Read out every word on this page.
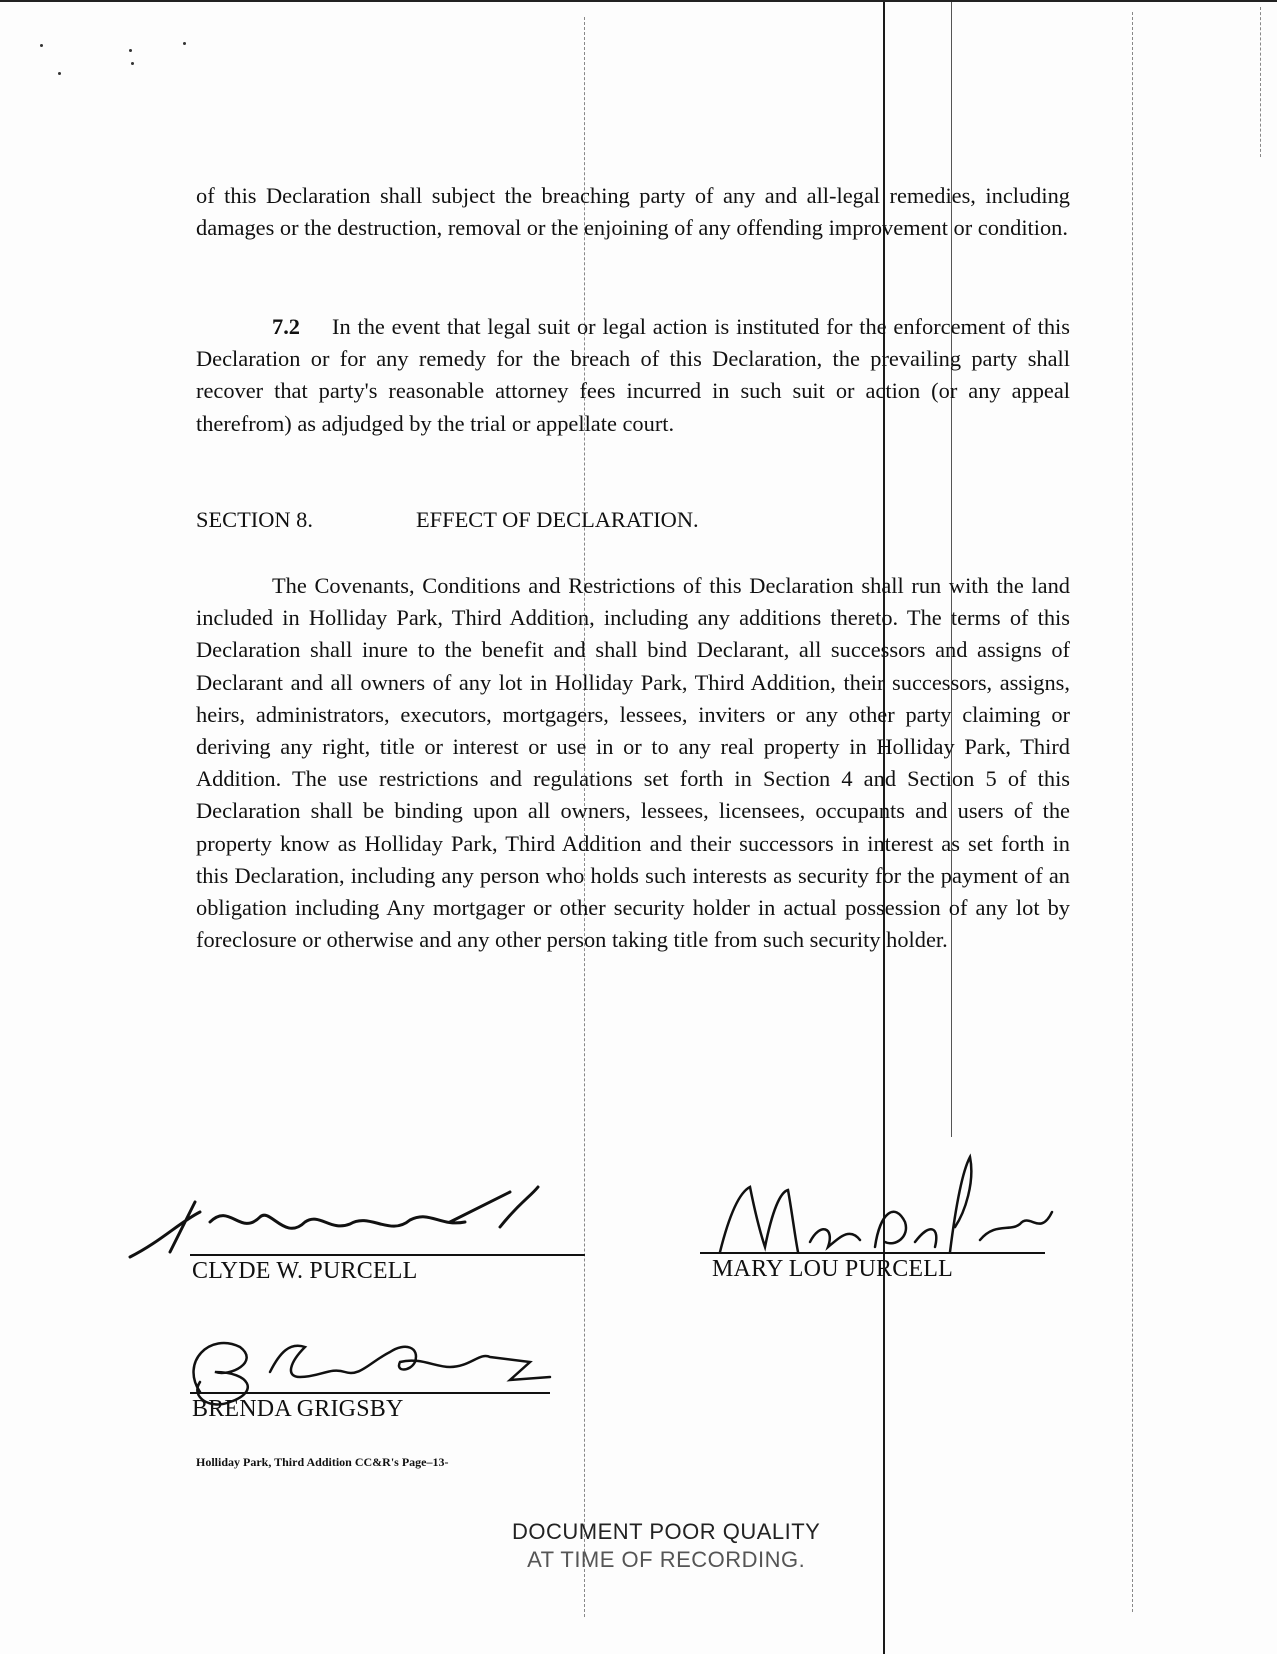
of this Declaration shall subject the breaching party of any and all-legal remedies, including damages or the destruction, removal or the enjoining of any offending improvement or condition.

7.2 In the event that legal suit or legal action is instituted for the enforcement of this Declaration or for any remedy for the breach of this Declaration, the prevailing party shall recover that party's reasonable attorney fees incurred in such suit or action (or any appeal therefrom) as adjudged by the trial or appellate court.

SECTION 8.	EFFECT OF DECLARATION.

The Covenants, Conditions and Restrictions of this Declaration shall run with the land included in Holliday Park, Third Addition, including any additions thereto. The terms of this Declaration shall inure to the benefit and shall bind Declarant, all successors and assigns of Declarant and all owners of any lot in Holliday Park, Third Addition, their successors, assigns, heirs, administrators, executors, mortgagers, lessees, inviters or any other party claiming or deriving any right, title or interest or use in or to any real property in Holliday Park, Third Addition. The use restrictions and regulations set forth in Section 4 and Section 5 of this Declaration shall be binding upon all owners, lessees, licensees, occupants and users of the property know as Holliday Park, Third Addition and their successors in interest as set forth in this Declaration, including any person who holds such interests as security for the payment of an obligation including Any mortgager or other security holder in actual possession of any lot by foreclosure or otherwise and any other person taking title from such security holder.

CLYDE W. PURCELL	MARY LOU PURCELL
BRENDA GRIGSBY
Holliday Park, Third Addition CC&R's Page–13-
DOCUMENT POOR QUALITY
AT TIME OF RECORDING.
